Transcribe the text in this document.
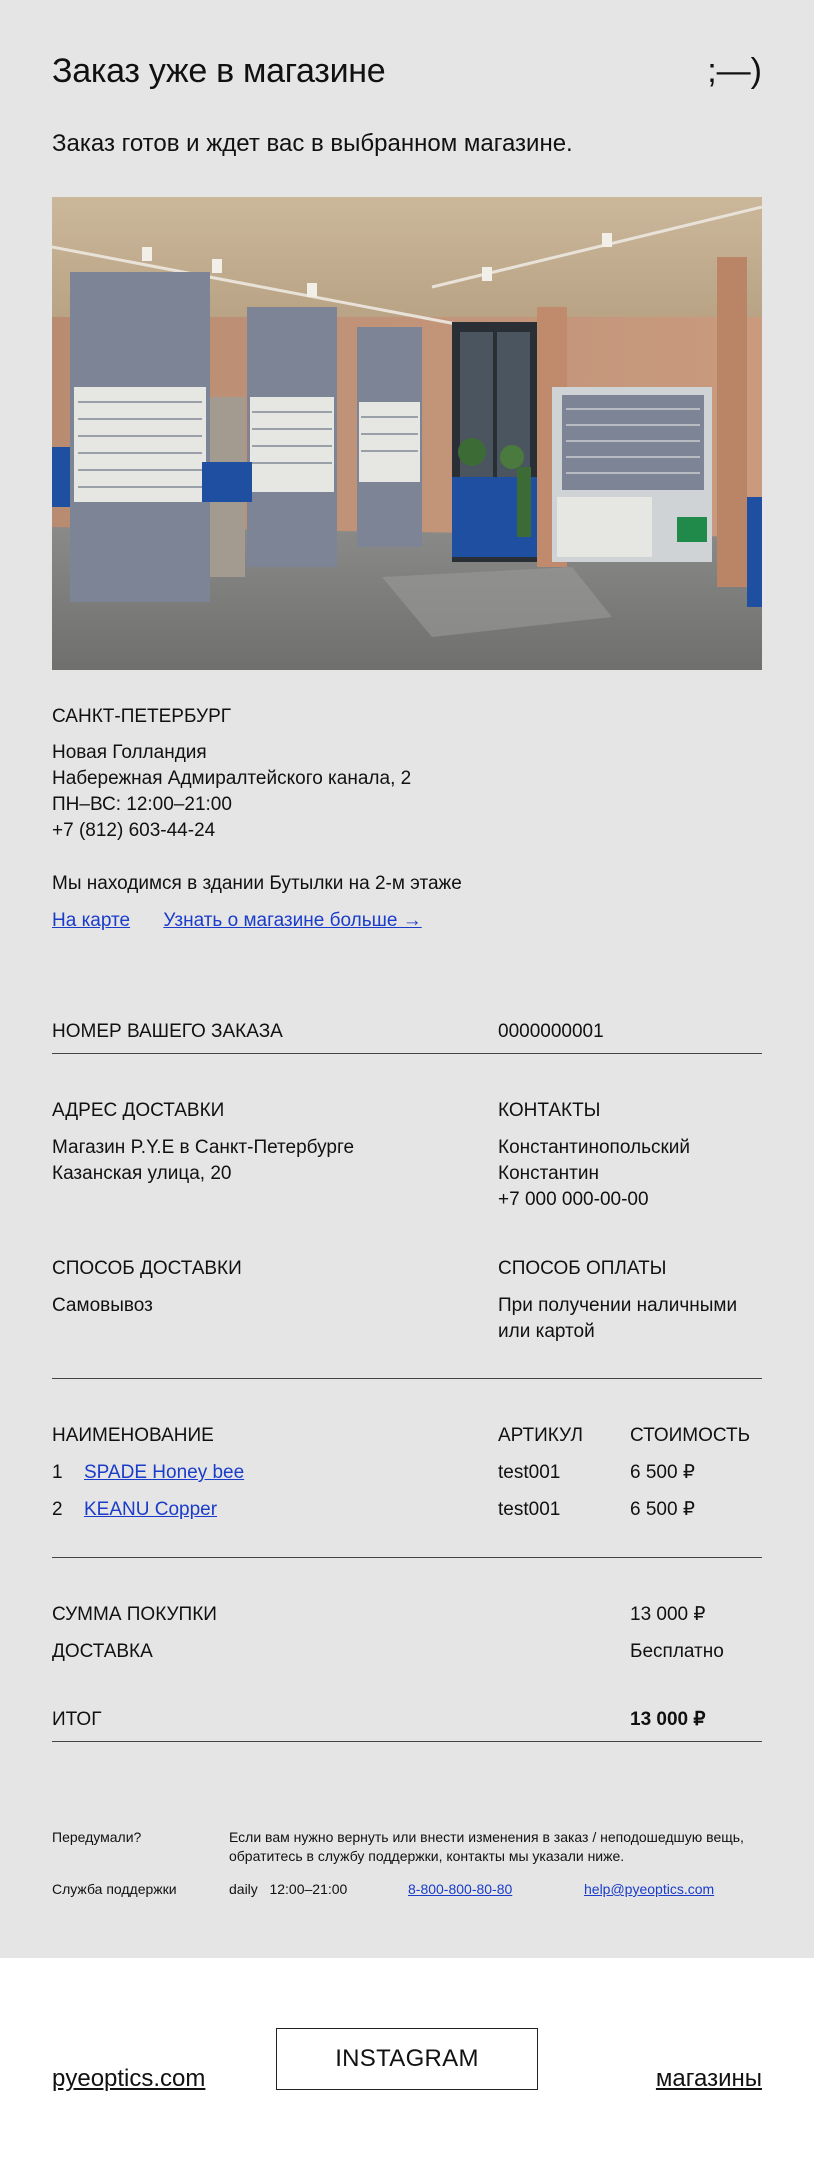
Заказ уже в магазине	;—)
Заказ готов и ждет вас в выбранном магазине.
САНКТ-ПЕТЕРБУРГ
Новая Голландия
Набережная Адмиралтейского канала, 2
ПН–ВС: 12:00–21:00
+7 (812) 603-44-24
Мы находимся в здании Бутылки на 2-м этаже
На карте Узнать о магазине больше →
НОМЕР ВАШЕГО ЗАКАЗА	0000000001
АДРЕС ДОСТАВКИ
Магазин P.Y.E в Санкт-Петербурге
Казанская улица, 20
КОНТАКТЫ
Константинопольский
Константин
+7 000 000-00-00
СПОСОБ ДОСТАВКИ
Самовывоз
СПОСОБ ОПЛАТЫ
При получении наличными
или картой
НАИМЕНОВАНИЕ	АРТИКУЛ СТОИМОСТЬ
1 SPADE Honey bee	test001	6 500 ₽
2 KEANU Copper	test001	6 500 ₽
СУММА ПОКУПКИ	13 000 ₽
ДОСТАВКА	Бесплатно
ИТОГ	13 000 ₽
Передумали?	Если вам нужно вернуть или внести изменения в заказ / неподошедшую вещь, обратитесь в службу поддержки, контакты мы указали ниже.
Служба поддержки	daily 12:00–21:00	8-800-800-80-80	help@pyeoptics.com
pyeoptics.com
INSTAGRAM
магазины
